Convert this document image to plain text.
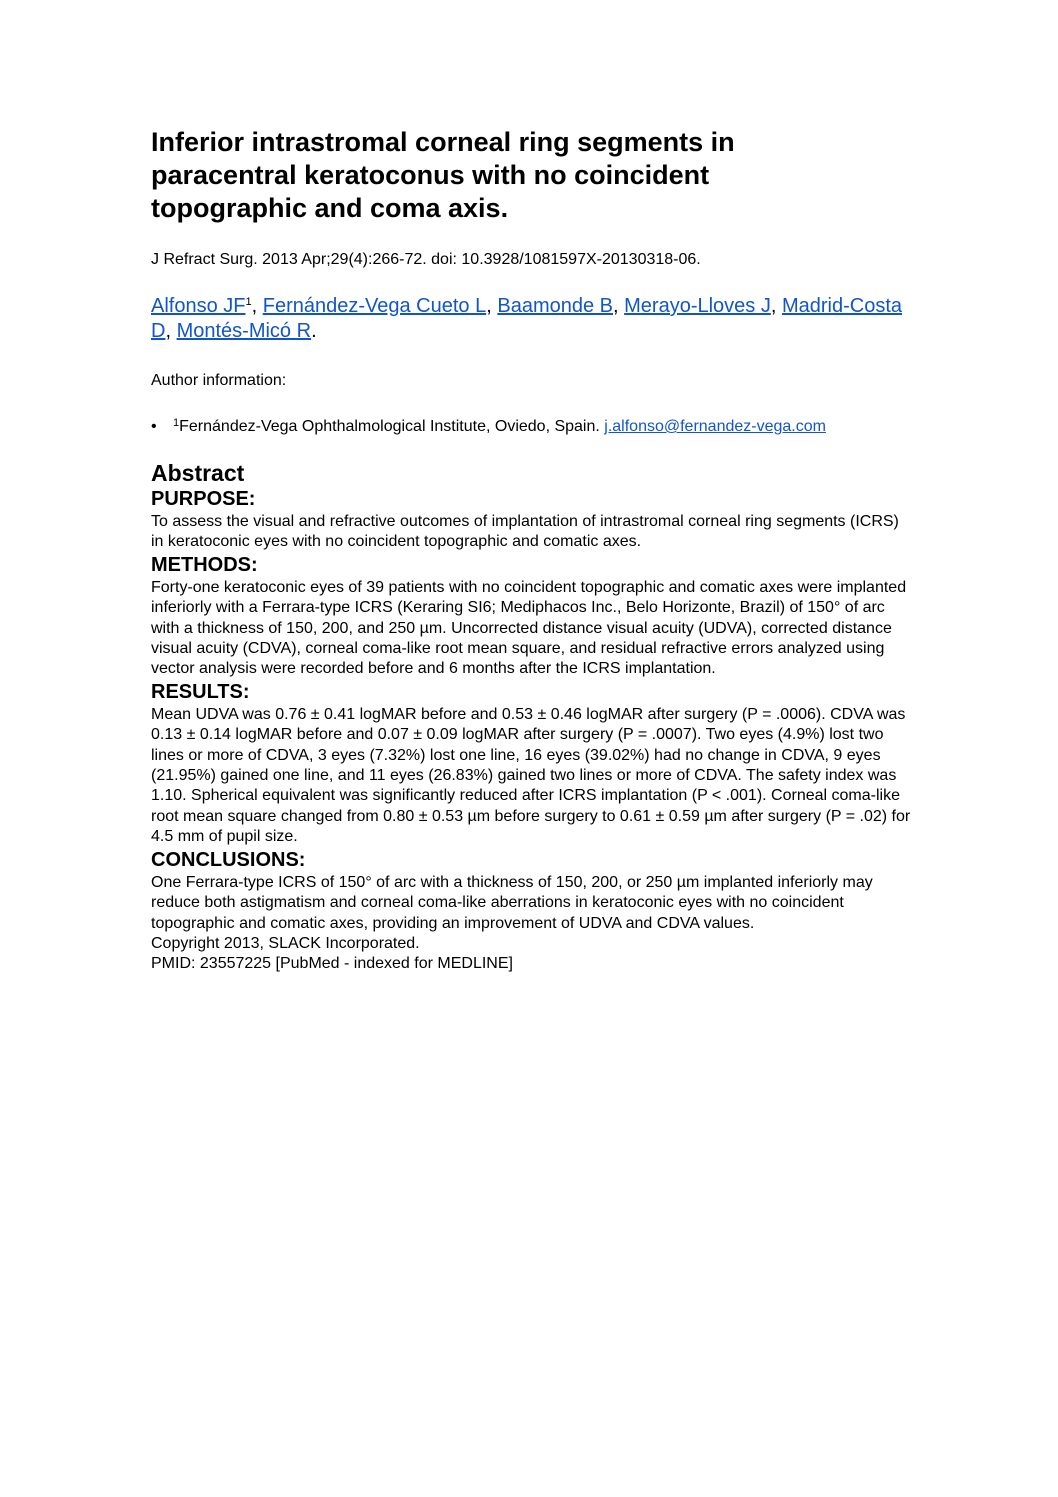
Inferior intrastromal corneal ring segments in paracentral keratoconus with no coincident topographic and coma axis.
J Refract Surg. 2013 Apr;29(4):266-72. doi: 10.3928/1081597X-20130318-06.
Alfonso $JF^1$, Fernández-Vega Cueto L, Baamonde B, Merayo-Lloves J, Madrid-Costa D, Montés-Micó R.
Author information:
• $^1$Fernández-Vega Ophthalmological Institute, Oviedo, Spain. j.alfonso@fernandez-vega.com
Abstract
PURPOSE:

To assess the visual and refractive outcomes of implantation of intrastromal corneal ring segments (ICRS) in keratoconic eyes with no coincident topographic and comatic axes.

METHODS:

Forty-one keratoconic eyes of 39 patients with no coincident topographic and comatic axes were implanted inferiorly with a Ferrara-type ICRS (Keraring SI6; Mediphacos Inc., Belo Horizonte, Brazil) of 150° of arc with a thickness of 150, 200, and 250 µm. Uncorrected distance visual acuity (UDVA), corrected distance visual acuity (CDVA), corneal coma-like root mean square, and residual refractive errors analyzed using vector analysis were recorded before and 6 months after the ICRS implantation.

RESULTS:

Mean UDVA was 0.76 ± 0.41 logMAR before and 0.53 ± 0.46 logMAR after surgery (P = .0006). CDVA was 0.13 ± 0.14 logMAR before and 0.07 ± 0.09 logMAR after surgery (P = .0007). Two eyes (4.9%) lost two lines or more of CDVA, 3 eyes (7.32%) lost one line, 16 eyes (39.02%) had no change in CDVA, 9 eyes (21.95%) gained one line, and 11 eyes (26.83%) gained two lines or more of CDVA. The safety index was 1.10. Spherical equivalent was significantly reduced after ICRS implantation (P < .001). Corneal coma-like root mean square changed from 0.80 ± 0.53 µm before surgery to 0.61 ± 0.59 µm after surgery (P = .02) for 4.5 mm of pupil size.

CONCLUSIONS:

One Ferrara-type ICRS of 150° of arc with a thickness of 150, 200, or 250 µm implanted inferiorly may reduce both astigmatism and corneal coma-like aberrations in keratoconic eyes with no coincident topographic and comatic axes, providing an improvement of UDVA and CDVA values.

Copyright 2013, SLACK Incorporated.

PMID: 23557225 [PubMed - indexed for MEDLINE]
